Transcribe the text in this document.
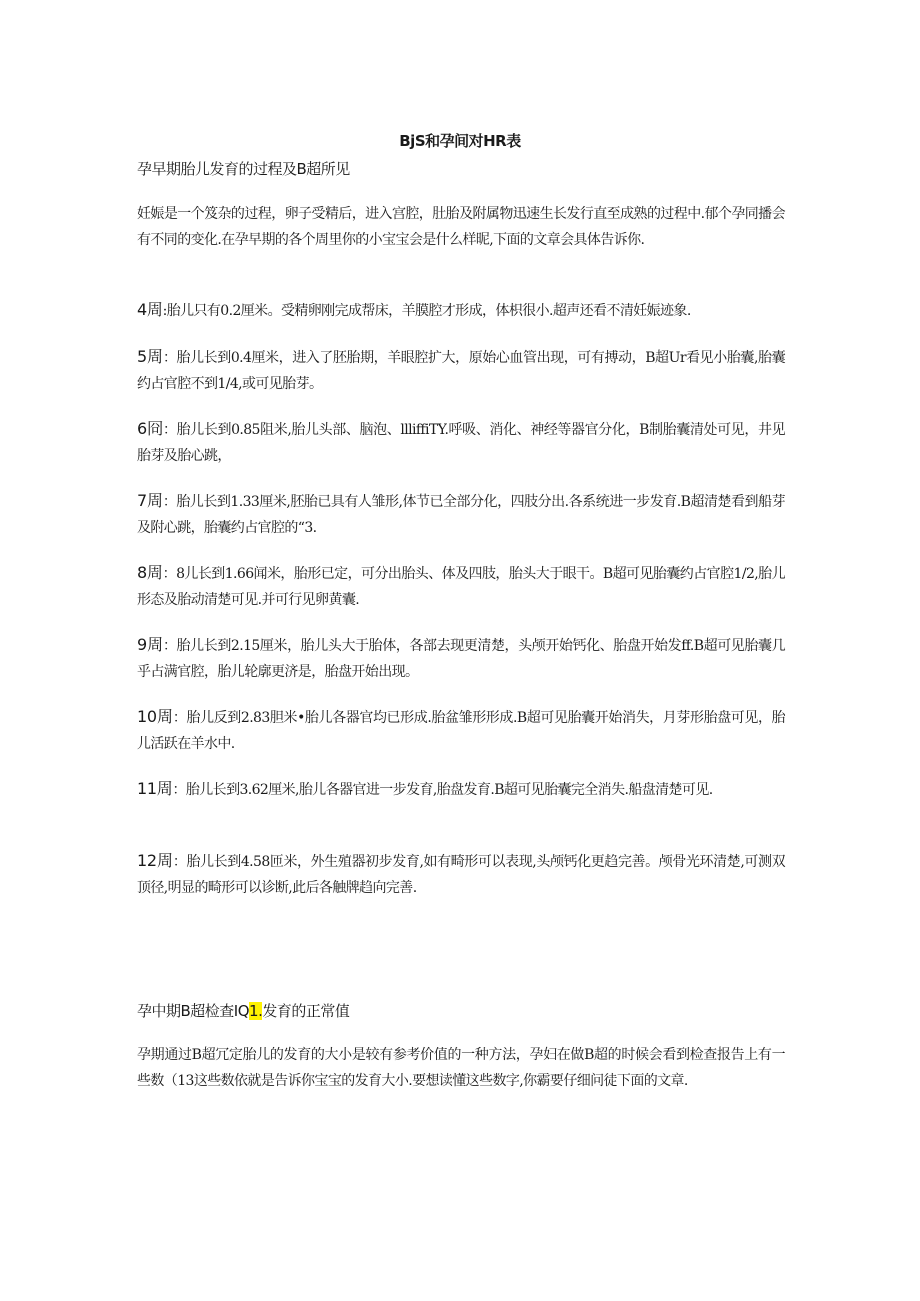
BjS和孕间对HR表
孕早期胎儿发育的过程及B超所见
妊娠是一个笈杂的过程，卵子受精后，进入宫腔，肚胎及附属物迅速生长发行直至成熟的过程中.郁个孕同播会有不同的变化.在孕早期的各个周里你的小宝宝会是什么样昵,下面的文章会具体告诉你.
4周:胎儿只有0.2厘米。受精卵刚完成帮床，羊膜腔才形成，体枳很小.超声还看不清妊娠迹象.
5周：胎儿长到0.4厘米，进入了胚胎期，羊眼腔扩大，原始心血管出现，可有搏动，B超Ur看见小胎囊,胎囊约占官腔不到1/4,或可见胎芽。
6冏：胎儿长到0.85阻米,胎儿头部、脑泡、llliffiTY.呼吸、消化、神经等器官分化，B制胎囊清处可见，井见胎芽及胎心跳，
7周：胎儿长到1.33厘米,胚胎已具有人雏形,体节已全部分化，四肢分出.各系统进一步发育.B超清楚看到船芽及附心跳，胎囊约占官腔的“3.
8周：8儿长到1.66闻米，胎形已定，可分出胎头、体及四肢，胎头大于眼干。B超可见胎囊约占官腔1/2,胎儿形态及胎动清楚可见.并可行见卵黄囊.
9周：胎儿长到2.15厘米，胎儿头大于胎体，各部去现更清楚，头颅开始钙化、胎盘开始发ff.B超可见胎囊几乎占满官腔，胎儿轮廓更济是，胎盘开始出现。
10周：胎儿反到2.83胆米•胎儿各器官均已形成.胎盆雏形形成.B超可见胎囊开始消失，月芽形胎盘可见，胎儿活跃在羊水中.
11周：胎儿长到3.62厘米,胎儿各器官进一步发育,胎盘发育.B超可见胎囊完全消失.船盘清楚可见.
12周：胎儿长到4.58匝米，外生殖器初步发育,如有畸形可以表现,头颅钙化更趋完善。颅骨光环清楚,可测双顶径,明显的畸形可以诊断,此后各触牌趋向完善.
孕中期B超检查IQ1.发育的正常值
孕期通过B超冗定胎儿的发育的大小是较有参考价值的一种方法，孕妇在做B超的时候会看到检查报告上有一些数（13这些数依就是告诉你宝宝的发育大小.要想读懂这些数字,你霸要仔细问徒下面的文章.
